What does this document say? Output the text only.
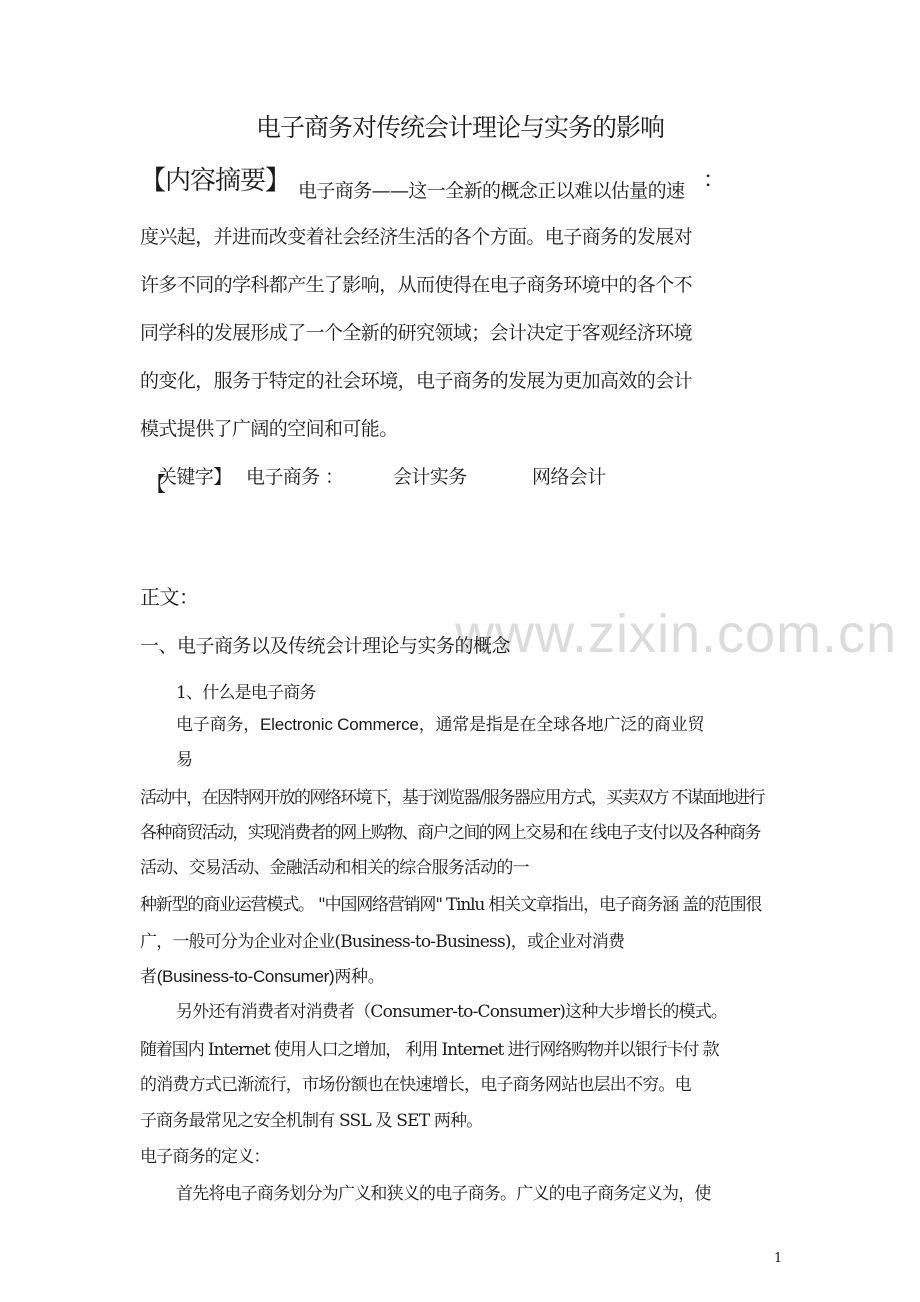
www.zixin.com.cn
电子商务对传统会计理论与实务的影响
【内容摘要】 电子商务——这一全新的概念正以难以估量的速 ：
度兴起，并进而改变着社会经济生活的各个方面。电子商务的发展对
许多不同的学科都产生了影响，从而使得在电子商务环境中的各个不
同学科的发展形成了一个全新的研究领域；会计决定于客观经济环境
的变化，服务于特定的社会环境，电子商务的发展为更加高效的会计
模式提供了广阔的空间和可能。
【
关键字】 电子商务 ：	会计实务	网络会计
正文：
一、电子商务以及传统会计理论与实务的概念
1、什么是电子商务
电子商务，Electronic Commerce，通常是指是在全球各地广泛的商业贸
易
活动中，在因特网开放的网络环境下，基于浏览器/服务器应用方式，买卖双方 不谋面地进行
各种商贸活动，实现消费者的网上购物、商户之间的网上交易和在 线电子支付以及各种商务
活动、交易活动、金融活动和相关的综合服务活动的一
种新型的商业运营模式。 "中国网络营销网" Tinlu 相关文章指出，电子商务涵 盖的范围很
广，一般可分为企业对企业(Business-to-Business)，或企业对消费
者(Business-to-Consumer)两种。
另外还有消费者对消费者（Consumer-to-Consumer)这种大步增长的模式。
随着国内 Internet 使用人口之增加， 利用 Internet 进行网络购物并以银行卡付 款
的消费方式已渐流行，市场份额也在快速增长，电子商务网站也层出不穷。电
子商务最常见之安全机制有 SSL 及 SET 两种。
电子商务的定义：
首先将电子商务划分为广义和狭义的电子商务。广义的电子商务定义为，使
1
